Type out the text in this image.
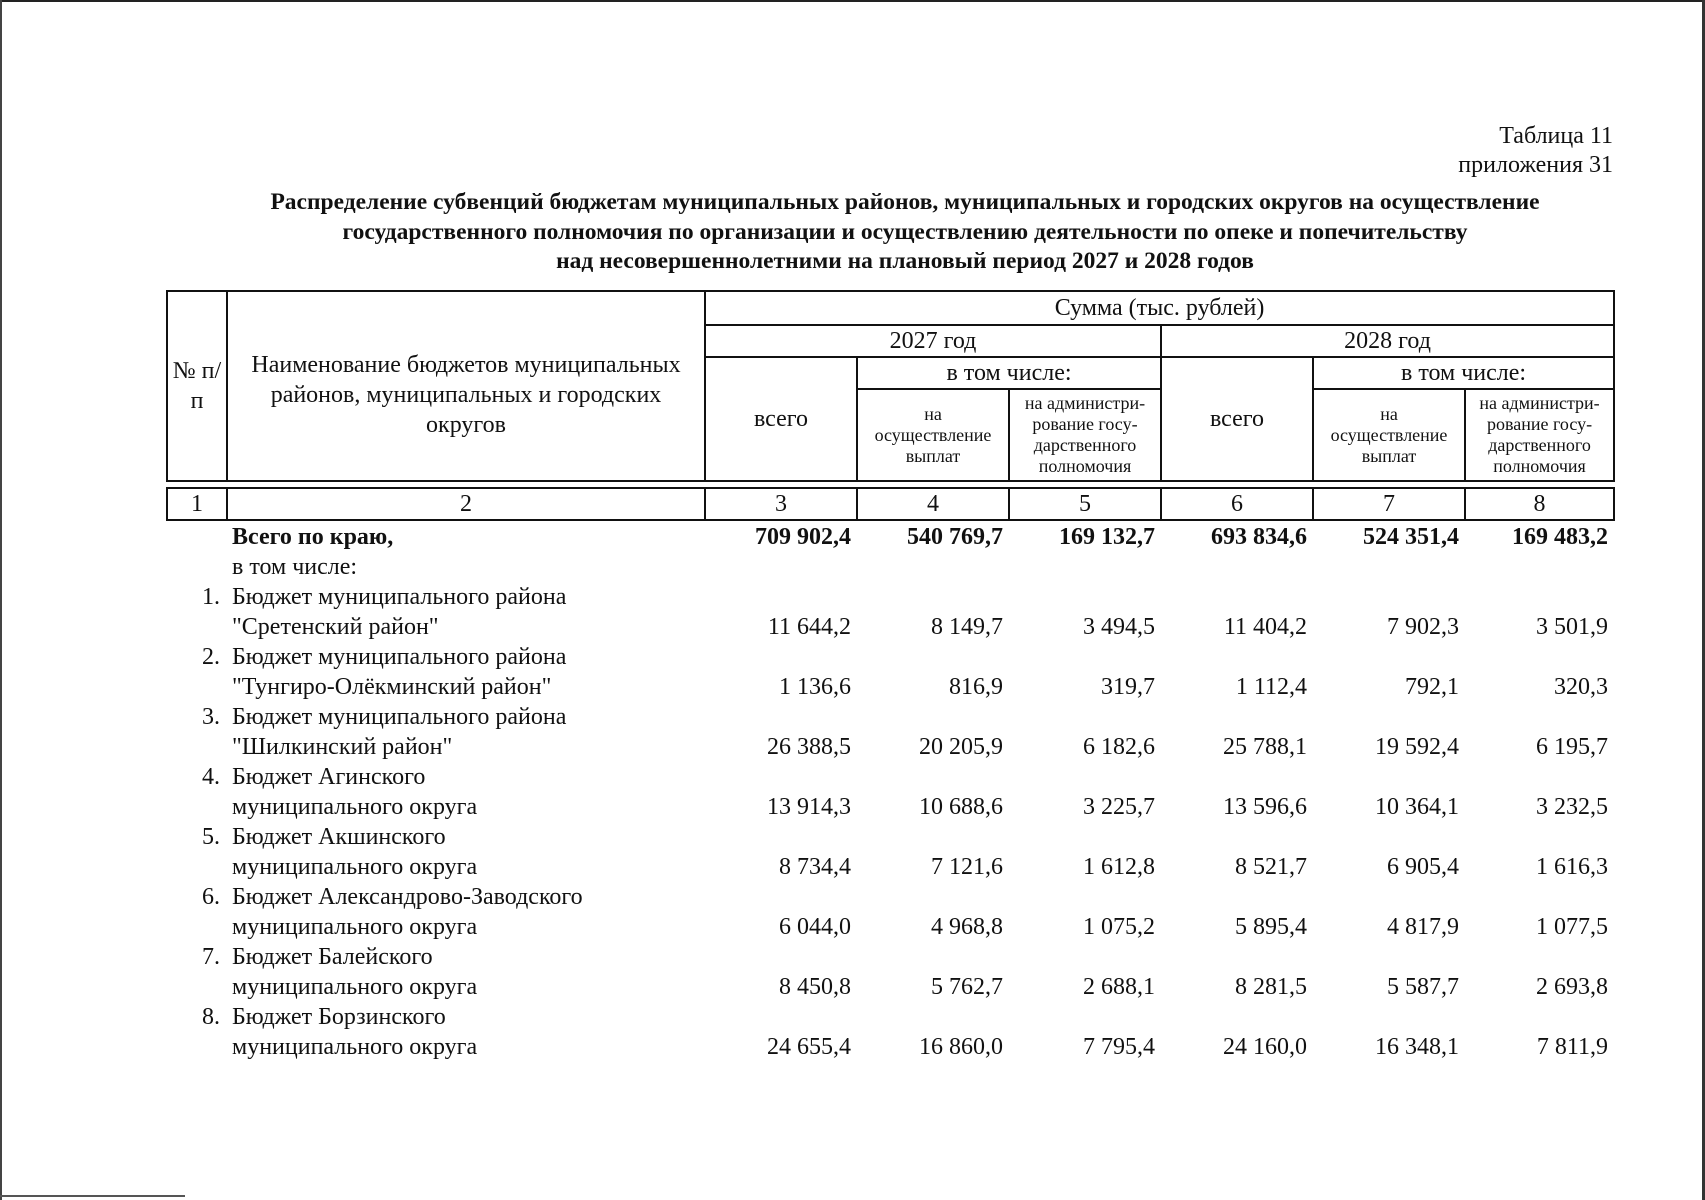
Таблица 11
приложения 31
Распределение субвенций бюджетам муниципальных районов, муниципальных и городских округов на осуществление
государственного полномочия по организации и осуществлению деятельности по опеке и попечительству
над несовершеннолетними на плановый период 2027 и 2028 годов
№ п/п	Наименование бюджетов муниципальных районов, муниципальных и городских округов	Сумма (тыс. рублей)					
		2027 год			2028 год		
		всего	в том числе:		всего	в том числе:	
			на осуществление выплат	на администри-рование госу-дарственного полномочия		на осуществление выплат	на администри-рование госу-дарственного полномочия
1	2	3	4	5	6	7	8
	Всего по краю,	709 902,4	540 769,7	169 132,7	693 834,6	524 351,4	169 483,2
	в том числе:						
1.	Бюджет муниципального района
"Сретенский район"	11 644,2	8 149,7	3 494,5	11 404,2	7 902,3	3 501,9
2.	Бюджет муниципального района
"Тунгиро-Олёкминский район"	1 136,6	816,9	319,7	1 112,4	792,1	320,3
3.	Бюджет муниципального района
"Шилкинский район"	26 388,5	20 205,9	6 182,6	25 788,1	19 592,4	6 195,7
4.	Бюджет Агинского
муниципального округа	13 914,3	10 688,6	3 225,7	13 596,6	10 364,1	3 232,5
5.	Бюджет Акшинского
муниципального округа	8 734,4	7 121,6	1 612,8	8 521,7	6 905,4	1 616,3
6.	Бюджет Александрово-Заводского
муниципального округа	6 044,0	4 968,8	1 075,2	5 895,4	4 817,9	1 077,5
7.	Бюджет Балейского
муниципального округа	8 450,8	5 762,7	2 688,1	8 281,5	5 587,7	2 693,8
8.	Бюджет Борзинского
муниципального округа	24 655,4	16 860,0	7 795,4	24 160,0	16 348,1	7 811,9
